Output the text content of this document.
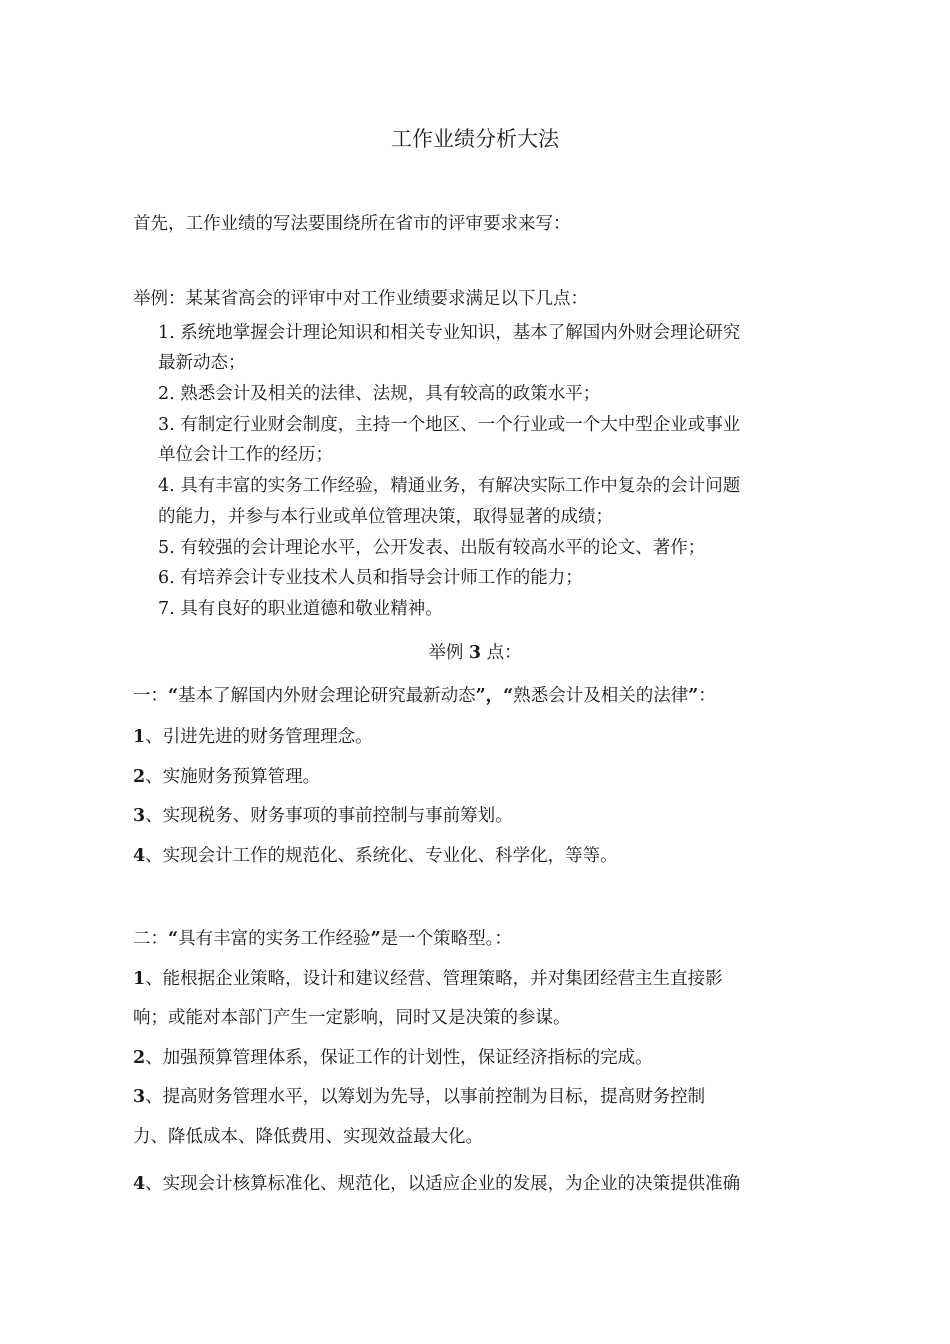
工作业绩分析大法
首先，工作业绩的写法要围绕所在省市的评审要求来写：
举例：某某省高会的评审中对工作业绩要求满足以下几点：
1. 系统地掌握会计理论知识和相关专业知识，基本了解国内外财会理论研究
最新动态；
2. 熟悉会计及相关的法律、法规，具有较高的政策水平；
3. 有制定行业财会制度，主持一个地区、一个行业或一个大中型企业或事业
单位会计工作的经历；
4. 具有丰富的实务工作经验，精通业务，有解决实际工作中复杂的会计问题
的能力，并参与本行业或单位管理决策，取得显著的成绩；
5. 有较强的会计理论水平，公开发表、出版有较高水平的论文、著作；
6. 有培养会计专业技术人员和指导会计师工作的能力；
7. 具有良好的职业道德和敬业精神。
举例 3 点：
一：“基本了解国内外财会理论研究最新动态”，“熟悉会计及相关的法律”：
1、引进先进的财务管理理念。
2、实施财务预算管理。
3、实现税务、财务事项的事前控制与事前筹划。
4、实现会计工作的规范化、系统化、专业化、科学化，等等。
二：“具有丰富的实务工作经验”是一个策略型。：
1、能根据企业策略，设计和建议经营、管理策略，并对集团经营主生直接影
响；或能对本部门产生一定影响，同时又是决策的参谋。
2、加强预算管理体系，保证工作的计划性，保证经济指标的完成。
3、提高财务管理水平，以筹划为先导，以事前控制为目标，提高财务控制
力、降低成本、降低费用、实现效益最大化。
4、实现会计核算标准化、规范化，以适应企业的发展，为企业的决策提供准确
